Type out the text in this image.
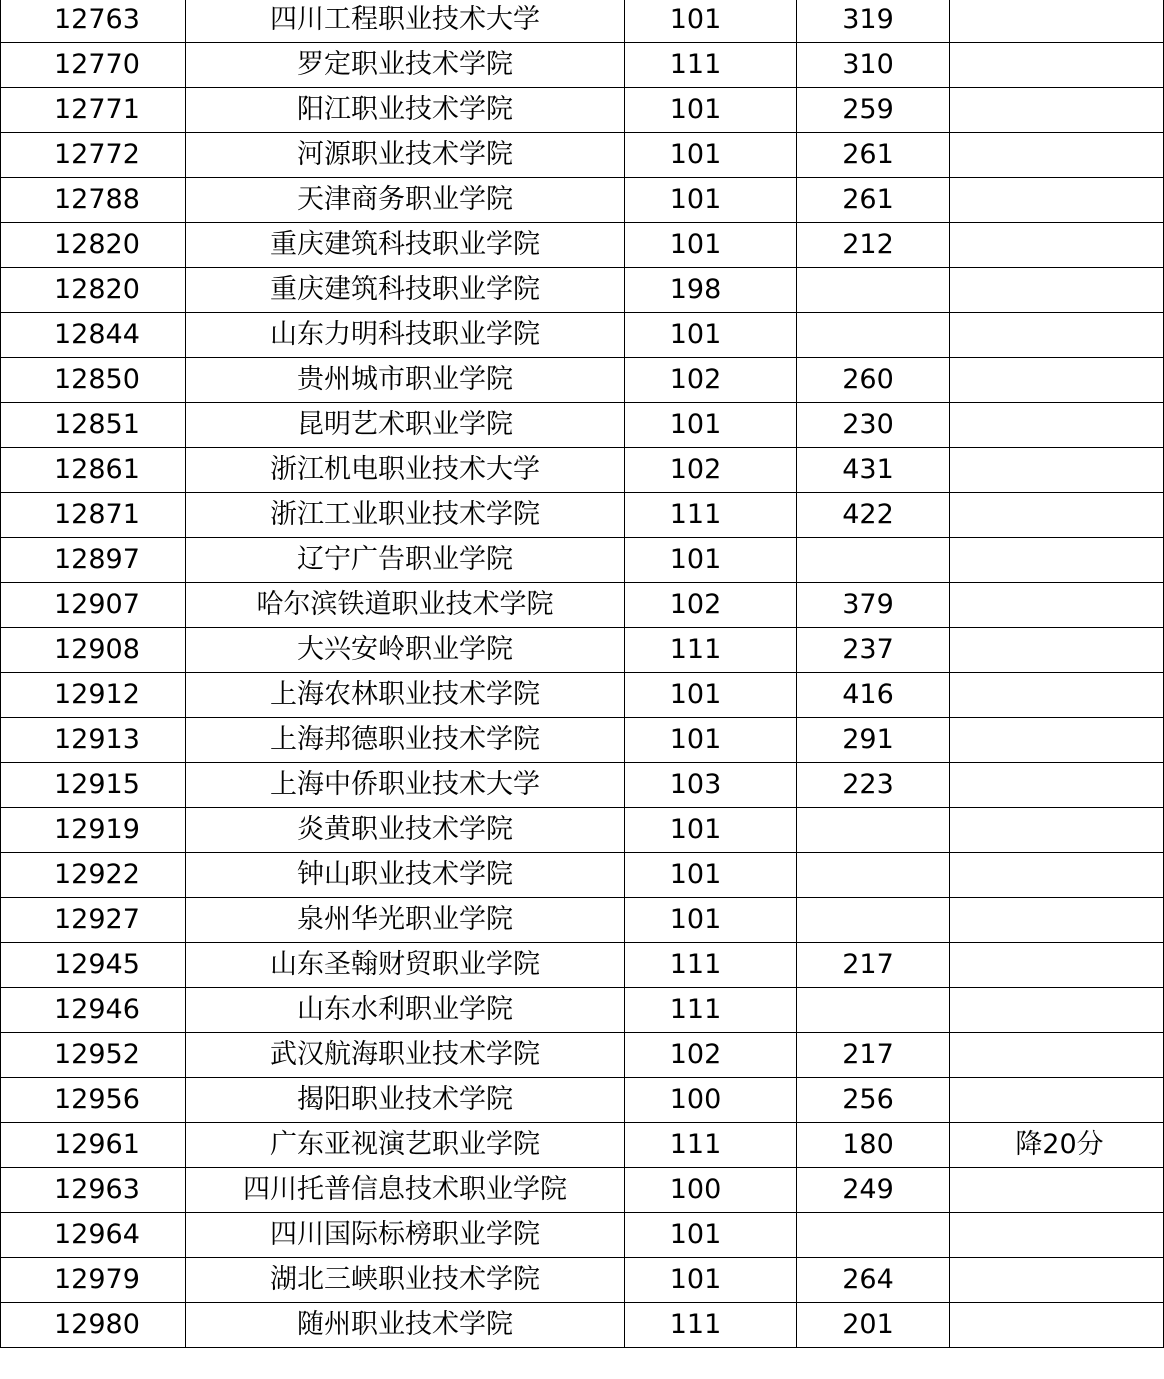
12763	四川工程职业技术大学	101	319	
12770	罗定职业技术学院	111	310	
12771	阳江职业技术学院	101	259	
12772	河源职业技术学院	101	261	
12788	天津商务职业学院	101	261	
12820	重庆建筑科技职业学院	101	212	
12820	重庆建筑科技职业学院	198		
12844	山东力明科技职业学院	101		
12850	贵州城市职业学院	102	260	
12851	昆明艺术职业学院	101	230	
12861	浙江机电职业技术大学	102	431	
12871	浙江工业职业技术学院	111	422	
12897	辽宁广告职业学院	101		
12907	哈尔滨铁道职业技术学院	102	379	
12908	大兴安岭职业学院	111	237	
12912	上海农林职业技术学院	101	416	
12913	上海邦德职业技术学院	101	291	
12915	上海中侨职业技术大学	103	223	
12919	炎黄职业技术学院	101		
12922	钟山职业技术学院	101		
12927	泉州华光职业学院	101		
12945	山东圣翰财贸职业学院	111	217	
12946	山东水利职业学院	111		
12952	武汉航海职业技术学院	102	217	
12956	揭阳职业技术学院	100	256	
12961	广东亚视演艺职业学院	111	180	降20分
12963	四川托普信息技术职业学院	100	249	
12964	四川国际标榜职业学院	101		
12979	湖北三峡职业技术学院	101	264	
12980	随州职业技术学院	111	201	
